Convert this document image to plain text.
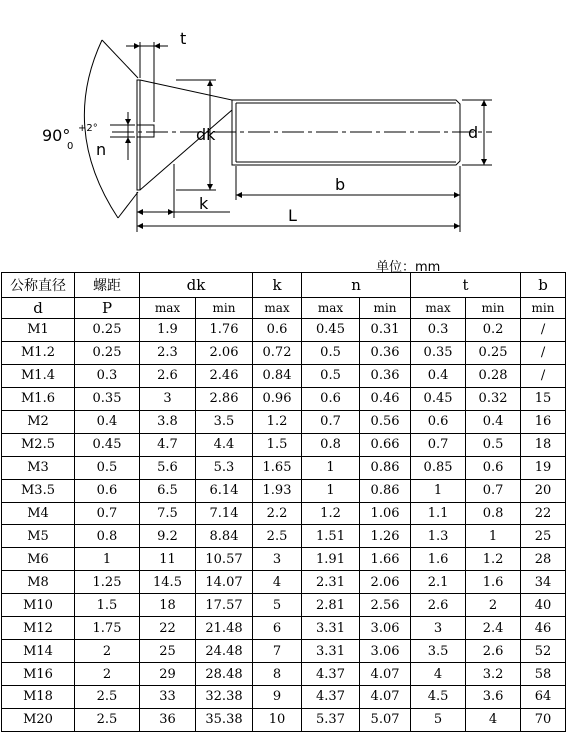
t
90° +2°
0 n
dk	d
b
k
L
单位：mm
公称直径	螺距	dk		k	n		t		b
d	P	max	min	max	max	min	max	min	min
M1	0.25	1.9	1.76	0.6	0.45	0.31	0.3	0.2	/
M1.2	0.25	2.3	2.06	0.72	0.5	0.36	0.35	0.25	/
M1.4	0.3	2.6	2.46	0.84	0.5	0.36	0.4	0.28	/
M1.6	0.35	3	2.86	0.96	0.6	0.46	0.45	0.32	15
M2	0.4	3.8	3.5	1.2	0.7	0.56	0.6	0.4	16
M2.5	0.45	4.7	4.4	1.5	0.8	0.66	0.7	0.5	18
M3	0.5	5.6	5.3	1.65	1	0.86	0.85	0.6	19
M3.5	0.6	6.5	6.14	1.93	1	0.86	1	0.7	20
M4	0.7	7.5	7.14	2.2	1.2	1.06	1.1	0.8	22
M5	0.8	9.2	8.84	2.5	1.51	1.26	1.3	1	25
M6	1	11	10.57	3	1.91	1.66	1.6	1.2	28
M8	1.25	14.5	14.07	4	2.31	2.06	2.1	1.6	34
M10	1.5	18	17.57	5	2.81	2.56	2.6	2	40
M12	1.75	22	21.48	6	3.31	3.06	3	2.4	46
M14	2	25	24.48	7	3.31	3.06	3.5	2.6	52
M16	2	29	28.48	8	4.37	4.07	4	3.2	58
M18	2.5	33	32.38	9	4.37	4.07	4.5	3.6	64
M20	2.5	36	35.38	10	5.37	5.07	5	4	70
